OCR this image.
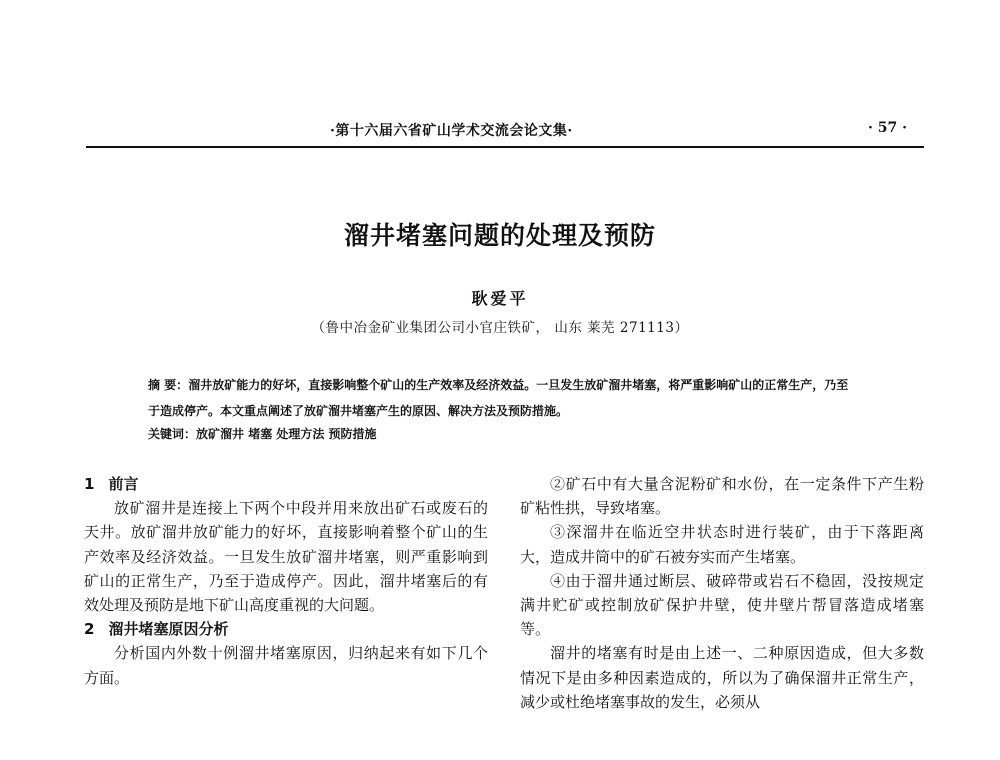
·第十六届六省矿山学术交流会论文集·	· 57 ·
溜井堵塞问题的处理及预防
耿爱平
（鲁中冶金矿业集团公司小官庄铁矿， 山东 莱芜 271113）
摘 要：溜井放矿能力的好坏，直接影响整个矿山的生产效率及经济效益。一旦发生放矿溜井堵塞，将严重影响矿山的正常生产，乃至于造成停产。本文重点阐述了放矿溜井堵塞产生的原因、解决方法及预防措施。
关键词：放矿溜井 堵塞 处理方法 预防措施
1 前言

放矿溜井是连接上下两个中段并用来放出矿石或废石的天井。放矿溜井放矿能力的好坏，直接影响着整个矿山的生产效率及经济效益。一旦发生放矿溜井堵塞，则严重影响到矿山的正常生产，乃至于造成停产。因此，溜井堵塞后的有效处理及预防是地下矿山高度重视的大问题。

2 溜井堵塞原因分析

分析国内外数十例溜井堵塞原因，归纳起来有如下几个方面。

②矿石中有大量含泥粉矿和水份，在一定条件下产生粉矿粘性拱，导致堵塞。

③深溜井在临近空井状态时进行装矿，由于下落距离大，造成井筒中的矿石被夯实而产生堵塞。

④由于溜井通过断层、破碎带或岩石不稳固，没按规定满井贮矿或控制放矿保护井壁，使井壁片帮冒落造成堵塞等。

溜井的堵塞有时是由上述一、二种原因造成，但大多数情况下是由多种因素造成的，所以为了确保溜井正常生产，减少或杜绝堵塞事故的发生，必须从
